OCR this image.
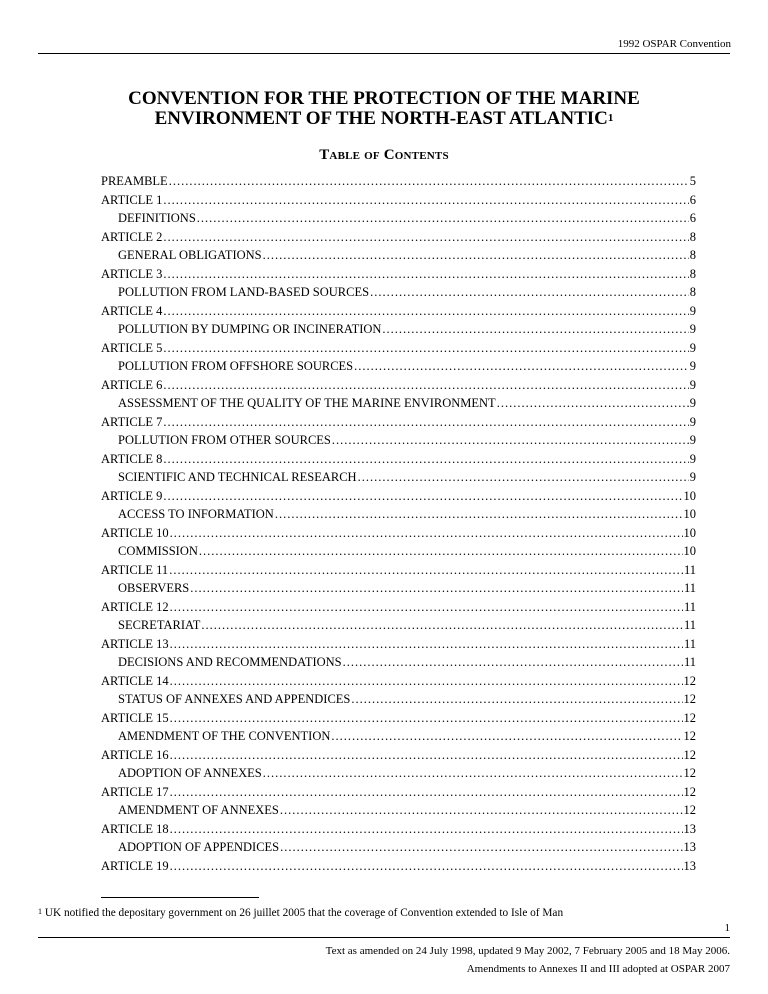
1992 OSPAR Convention
CONVENTION FOR THE PROTECTION OF THE MARINE
ENVIRONMENT OF THE NORTH-EAST ATLANTIC$^1$
Table of Contents
PREAMBLE .....	5
ARTICLE 1 .....	6
DEFINITIONS .....	6
ARTICLE 2 .....	8
GENERAL OBLIGATIONS .....	8
ARTICLE 3 .....	8
POLLUTION FROM LAND-BASED SOURCES .....	8
ARTICLE 4 .....	9
POLLUTION BY DUMPING OR INCINERATION .....	9
ARTICLE 5 .....	9
POLLUTION FROM OFFSHORE SOURCES .....	9
ARTICLE 6 .....	9
ASSESSMENT OF THE QUALITY OF THE MARINE ENVIRONMENT .....	9
ARTICLE 7 .....	9
POLLUTION FROM OTHER SOURCES .....	9
ARTICLE 8 .....	9
SCIENTIFIC AND TECHNICAL RESEARCH .....	9
ARTICLE 9 .....	10
ACCESS TO INFORMATION .....	10
ARTICLE 10 .....	10
COMMISSION .....	10
ARTICLE 11 .....	11
OBSERVERS .....	11
ARTICLE 12 .....	11
SECRETARIAT .....	11
ARTICLE 13 .....	11
DECISIONS AND RECOMMENDATIONS .....	11
ARTICLE 14 .....	12
STATUS OF ANNEXES AND APPENDICES .....	12
ARTICLE 15 .....	12
AMENDMENT OF THE CONVENTION .....	12
ARTICLE 16 .....	12
ADOPTION OF ANNEXES .....	12
ARTICLE 17 .....	12
AMENDMENT OF ANNEXES .....	12
ARTICLE 18 .....	13
ADOPTION OF APPENDICES .....	13
ARTICLE 19 .....	13
$^1$ UK notified the depositary government on 26 juillet 2005 that the coverage of Convention extended to Isle of Man
1
Text as amended on 24 July 1998, updated 9 May 2002, 7 February 2005 and 18 May 2006.
Amendments to Annexes II and III adopted at OSPAR 2007
